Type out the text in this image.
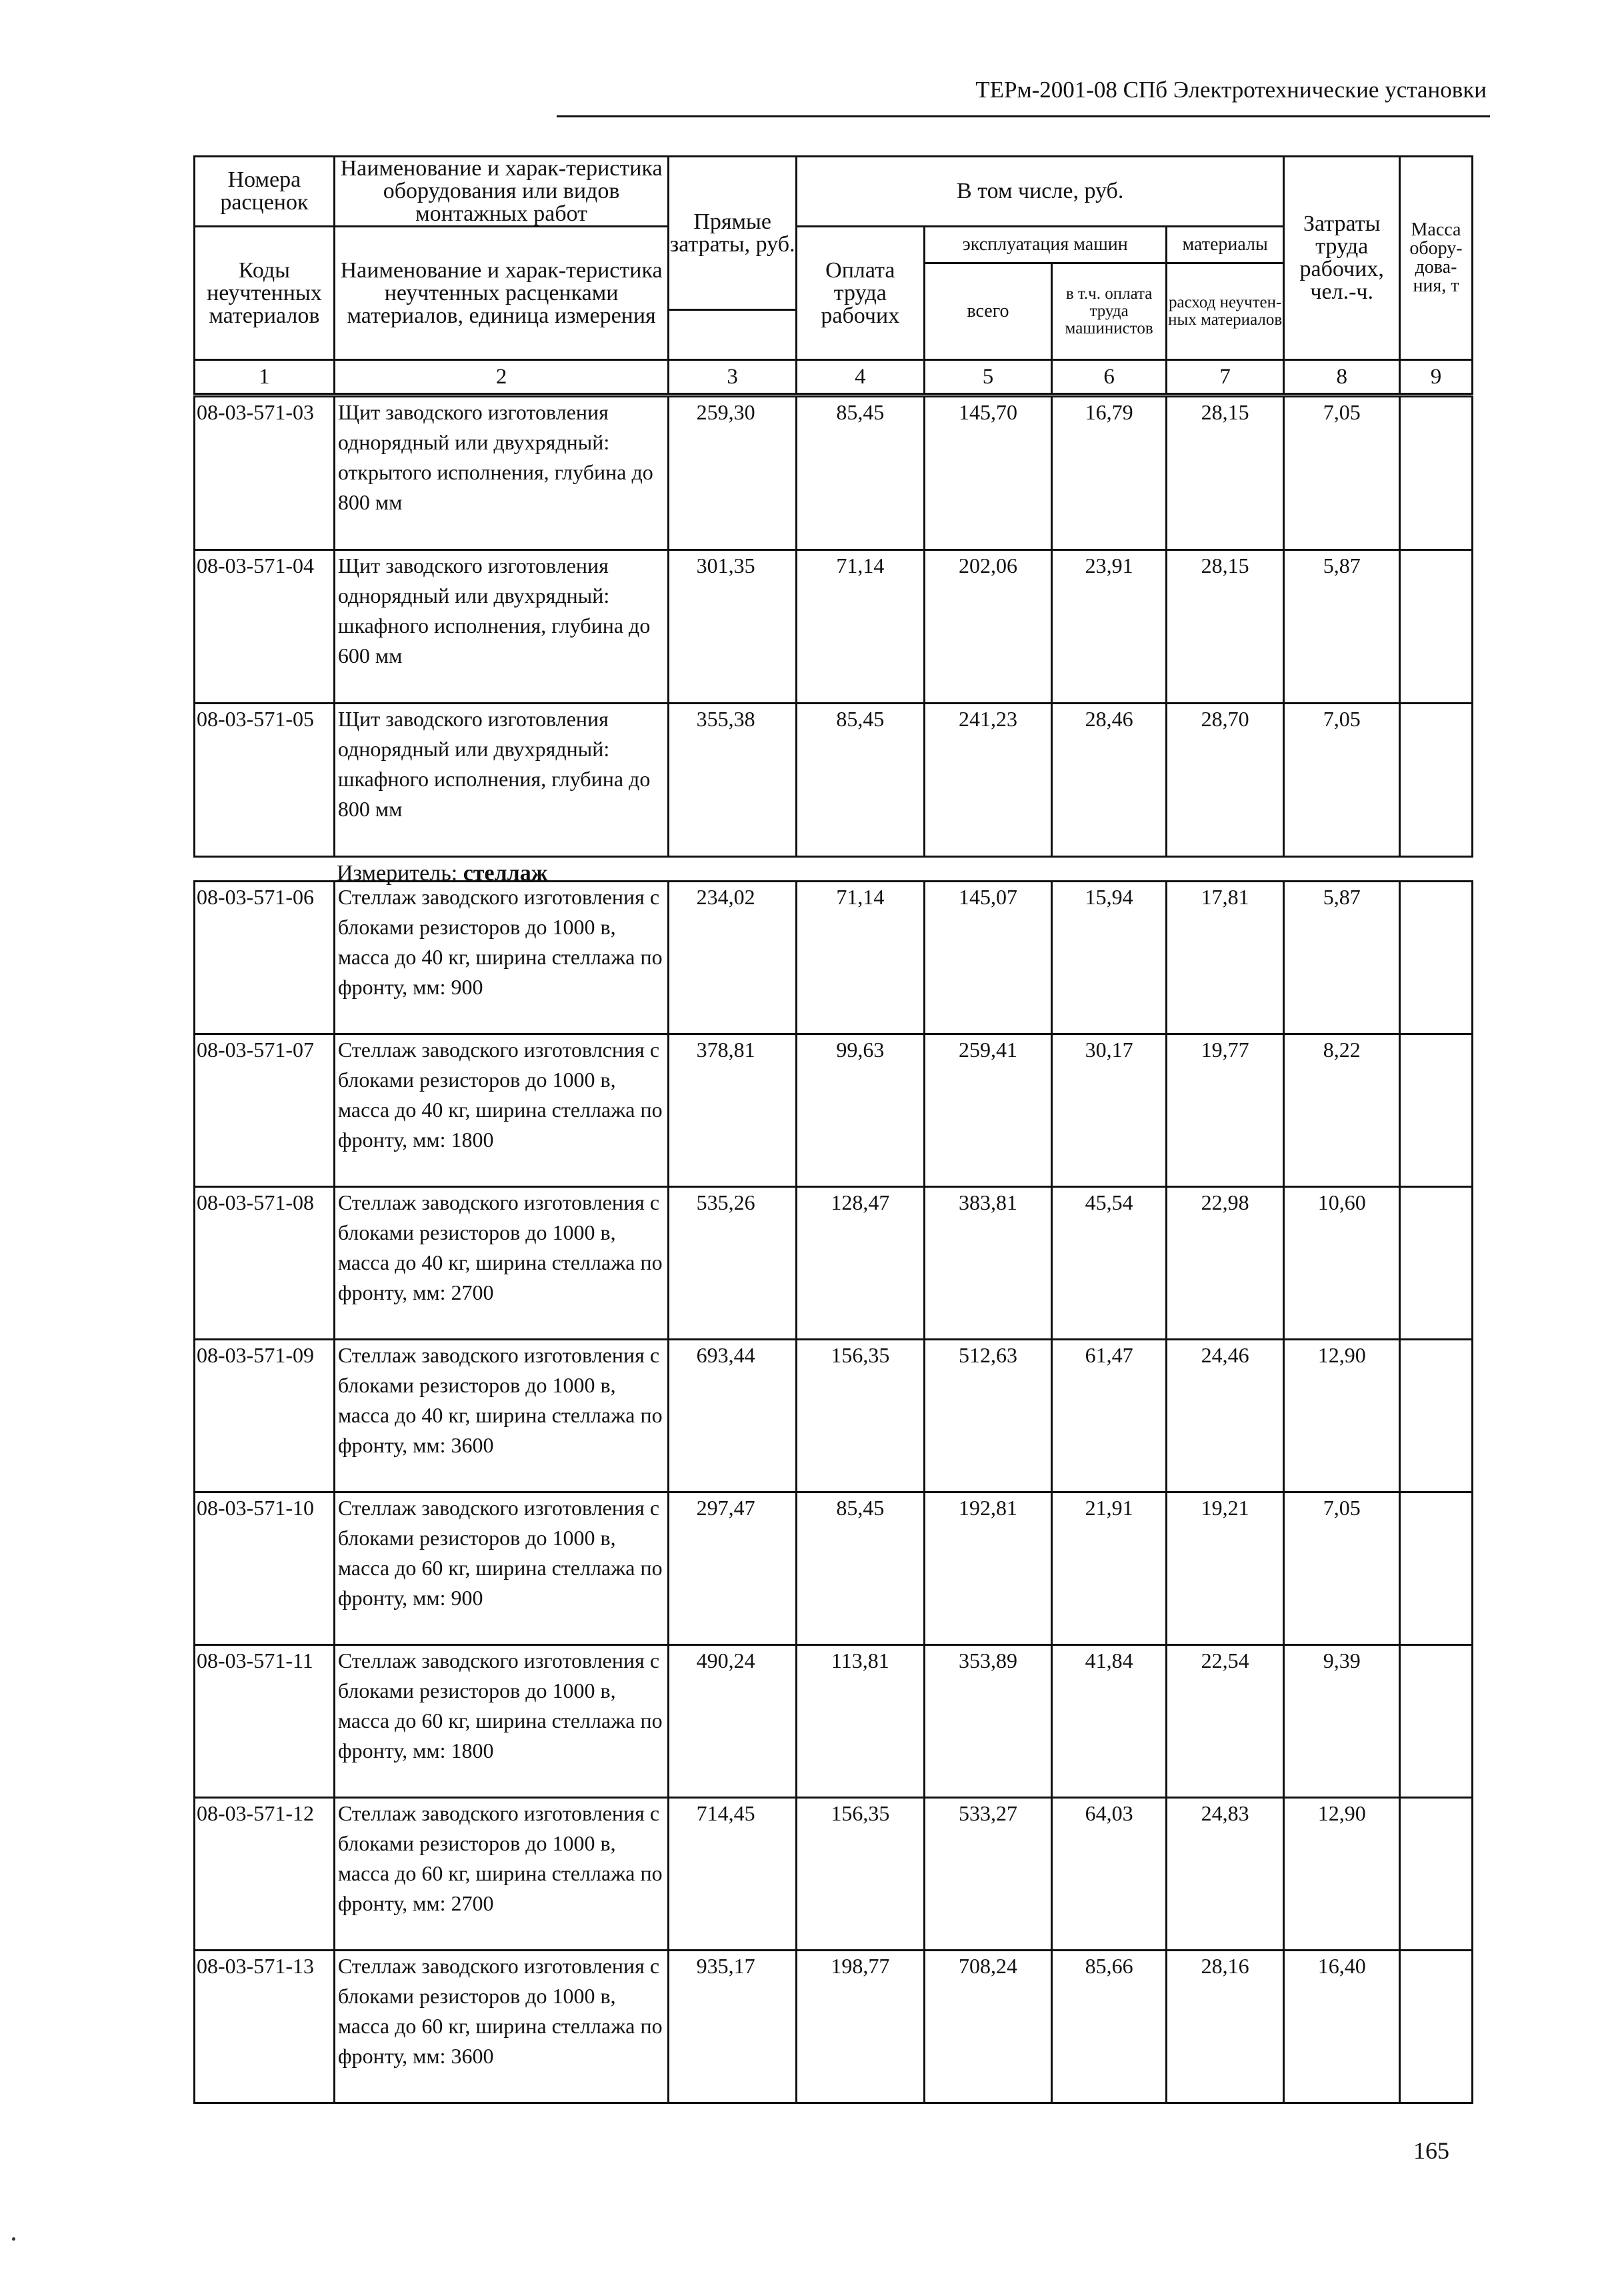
ТЕРм-2001-08 СПб Электротехнические установки
Номера расценок	Наименование и харак-теристика оборудования или видов монтажных работ	Прямые затраты, руб.	В том числе, руб.				Затраты труда рабочих, чел.-ч.	Масса обору-дова-ния, т
Коды неучтенных материалов	Наименование и харак-теристика неучтенных расценками материалов, единица измерения		Оплата труда рабочих	эксплуатация машин		материалы		
				всего	в т.ч. оплата труда машинистов	расход неучтен-ных материалов		

1	2	3	4	5	6	7	8	9
08-03-571-03	Щит заводского изготовления однорядный или двухрядный: открытого исполнения, глубина до 800 мм	259,30	85,45	145,70	16,79	28,15	7,05	
08-03-571-04	Щит заводского изготовления однорядный или двухрядный: шкафного исполнения, глубина до 600 мм	301,35	71,14	202,06	23,91	28,15	5,87	
08-03-571-05	Щит заводского изготовления однорядный или двухрядный: шкафного исполнения, глубина до 800 мм	355,38	85,45	241,23	28,46	28,70	7,05	
Измеритель: стеллаж
08-03-571-06	Стеллаж заводского изготовления с блоками резисторов до 1000 в, масса до 40 кг, ширина стеллажа по фронту, мм: 900	234,02	71,14	145,07	15,94	17,81	5,87	
08-03-571-07	Стеллаж заводского изготовлсния с блоками резисторов до 1000 в, масса до 40 кг, ширина стеллажа по фронту, мм: 1800	378,81	99,63	259,41	30,17	19,77	8,22	
08-03-571-08	Стеллаж заводского изготовления с блоками резисторов до 1000 в, масса до 40 кг, ширина стеллажа по фронту, мм: 2700	535,26	128,47	383,81	45,54	22,98	10,60	
08-03-571-09	Стеллаж заводского изготовления с блоками резисторов до 1000 в, масса до 40 кг, ширина стеллажа по фронту, мм: 3600	693,44	156,35	512,63	61,47	24,46	12,90	
08-03-571-10	Стеллаж заводского изготовления с блоками резисторов до 1000 в, масса до 60 кг, ширина стеллажа по фронту, мм: 900	297,47	85,45	192,81	21,91	19,21	7,05	
08-03-571-11	Стеллаж заводского изготовления с блоками резисторов до 1000 в, масса до 60 кг, ширина стеллажа по фронту, мм: 1800	490,24	113,81	353,89	41,84	22,54	9,39	
08-03-571-12	Стеллаж заводского изготовления с блоками резисторов до 1000 в, масса до 60 кг, ширина стеллажа по фронту, мм: 2700	714,45	156,35	533,27	64,03	24,83	12,90	
08-03-571-13	Стеллаж заводского изготовления с блоками резисторов до 1000 в, масса до 60 кг, ширина стеллажа по фронту, мм: 3600	935,17	198,77	708,24	85,66	28,16	16,40	
165
